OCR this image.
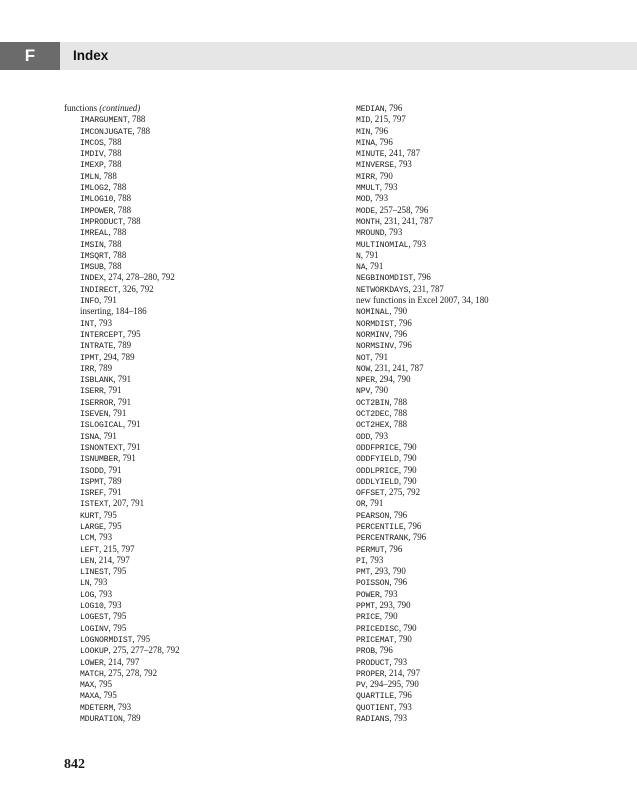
F	Index
functions (continued)
IMARGUMENT, 788
IMCONJUGATE, 788
IMCOS, 788
IMDIV, 788
IMEXP, 788
IMLN, 788
IMLOG2, 788
IMLOG10, 788
IMPOWER, 788
IMPRODUCT, 788
IMREAL, 788
IMSIN, 788
IMSQRT, 788
IMSUB, 788
INDEX, 274, 278–280, 792
INDIRECT, 326, 792
INFO, 791
inserting, 184–186
INT, 793
INTERCEPT, 795
INTRATE, 789
IPMT, 294, 789
IRR, 789
ISBLANK, 791
ISERR, 791
ISERROR, 791
ISEVEN, 791
ISLOGICAL, 791
ISNA, 791
ISNONTEXT, 791
ISNUMBER, 791
ISODD, 791
ISPMT, 789
ISREF, 791
ISTEXT, 207, 791
KURT, 795
LARGE, 795
LCM, 793
LEFT, 215, 797
LEN, 214, 797
LINEST, 795
LN, 793
LOG, 793
LOG10, 793
LOGEST, 795
LOGINV, 795
LOGNORMDIST, 795
LOOKUP, 275, 277–278, 792
LOWER, 214, 797
MATCH, 275, 278, 792
MAX, 795
MAXA, 795
MDETERM, 793
MDURATION, 789
MEDIAN, 796
MID, 215, 797
MIN, 796
MINA, 796
MINUTE, 241, 787
MINVERSE, 793
MIRR, 790
MMULT, 793
MOD, 793
MODE, 257–258, 796
MONTH, 231, 241, 787
MROUND, 793
MULTINOMIAL, 793
N, 791
NA, 791
NEGBINOMDIST, 796
NETWORKDAYS, 231, 787
new functions in Excel 2007, 34, 180
NOMINAL, 790
NORMDIST, 796
NORMINV, 796
NORMSINV, 796
NOT, 791
NOW, 231, 241, 787
NPER, 294, 790
NPV, 790
OCT2BIN, 788
OCT2DEC, 788
OCT2HEX, 788
ODD, 793
ODDFPRICE, 790
ODDFYIELD, 790
ODDLPRICE, 790
ODDLYIELD, 790
OFFSET, 275, 792
OR, 791
PEARSON, 796
PERCENTILE, 796
PERCENTRANK, 796
PERMUT, 796
PI, 793
PMT, 293, 790
POISSON, 796
POWER, 793
PPMT, 293, 790
PRICE, 790
PRICEDISC, 790
PRICEMAT, 790
PROB, 796
PRODUCT, 793
PROPER, 214, 797
PV, 294–295, 790
QUARTILE, 796
QUOTIENT, 793
RADIANS, 793
842
